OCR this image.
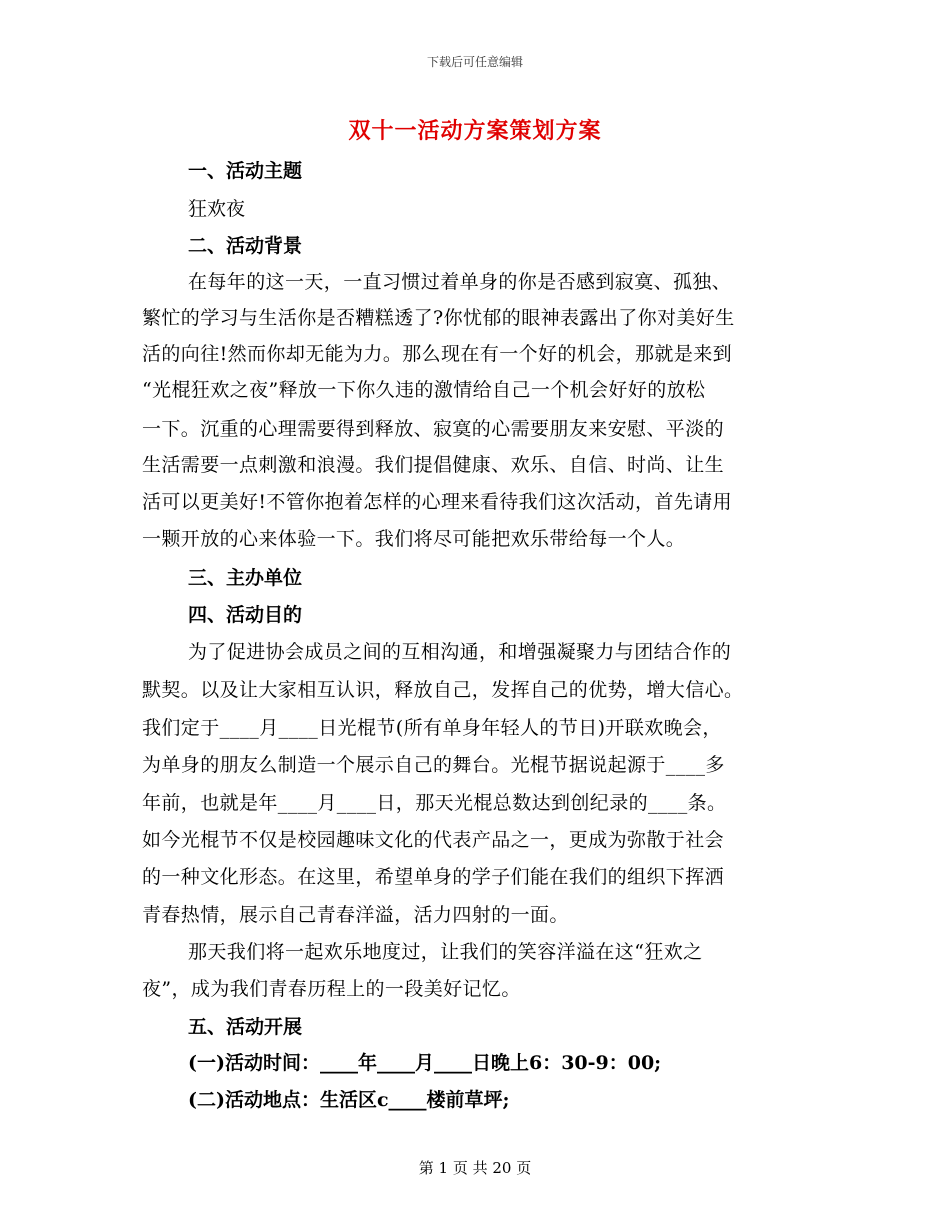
下载后可任意编辑
双十一活动方案策划方案
一、活动主题
狂欢夜
二、活动背景
在每年的这一天，一直习惯过着单身的你是否感到寂寞、孤独、
繁忙的学习与生活你是否糟糕透了?你忧郁的眼神表露出了你对美好生
活的向往!然而你却无能为力。那么现在有一个好的机会，那就是来到
“光棍狂欢之夜”释放一下你久违的激情给自己一个机会好好的放松
一下。沉重的心理需要得到释放、寂寞的心需要朋友来安慰、平淡的
生活需要一点刺激和浪漫。我们提倡健康、欢乐、自信、时尚、让生
活可以更美好!不管你抱着怎样的心理来看待我们这次活动，首先请用
一颗开放的心来体验一下。我们将尽可能把欢乐带给每一个人。
三、主办单位
四、活动目的
为了促进协会成员之间的互相沟通，和增强凝聚力与团结合作的
默契。以及让大家相互认识，释放自己，发挥自己的优势，增大信心。
我们定于____月____日光棍节(所有单身年轻人的节日)开联欢晚会，
为单身的朋友么制造一个展示自己的舞台。光棍节据说起源于____多
年前，也就是年____月____日，那天光棍总数达到创纪录的____条。
如今光棍节不仅是校园趣味文化的代表产品之一，更成为弥散于社会
的一种文化形态。在这里，希望单身的学子们能在我们的组织下挥洒
青春热情，展示自己青春洋溢，活力四射的一面。
那天我们将一起欢乐地度过，让我们的笑容洋溢在这“狂欢之
夜”，成为我们青春历程上的一段美好记忆。
五、活动开展
(一)活动时间：____年____月____日晚上6：30-9：00;
(二)活动地点：生活区c____楼前草坪;
第 1 页 共 20 页
